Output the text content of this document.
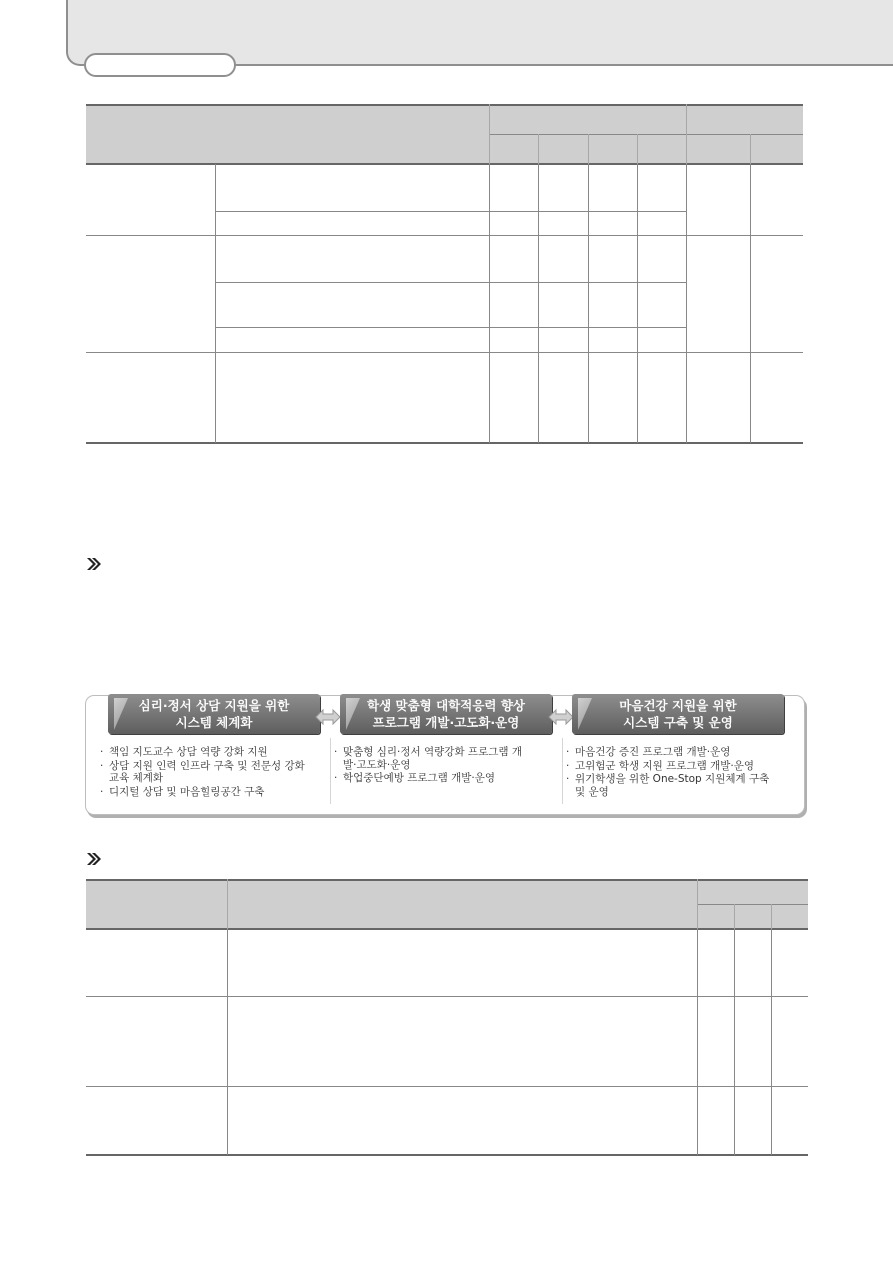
심리·정서 상담 지원을 위한
시스템 체계화
· 책임 지도교수 상담 역량 강화 지원
· 상담 지원 인력 인프라 구축 및 전문성 강화 교육 체계화
· 디지털 상담 및 마음힐링공간 구축
학생 맞춤형 대학적응력 향상
프로그램 개발·고도화·운영
· 맞춤형 심리·정서 역량강화 프로그램 개발·고도화·운영
· 학업중단예방 프로그램 개발·운영
마음건강 지원을 위한
시스템 구축 및 운영
· 마음건강 증진 프로그램 개발·운영
· 고위험군 학생 지원 프로그램 개발·운영
· 위기학생을 위한 One-Stop 지원체계 구축 및 운영
